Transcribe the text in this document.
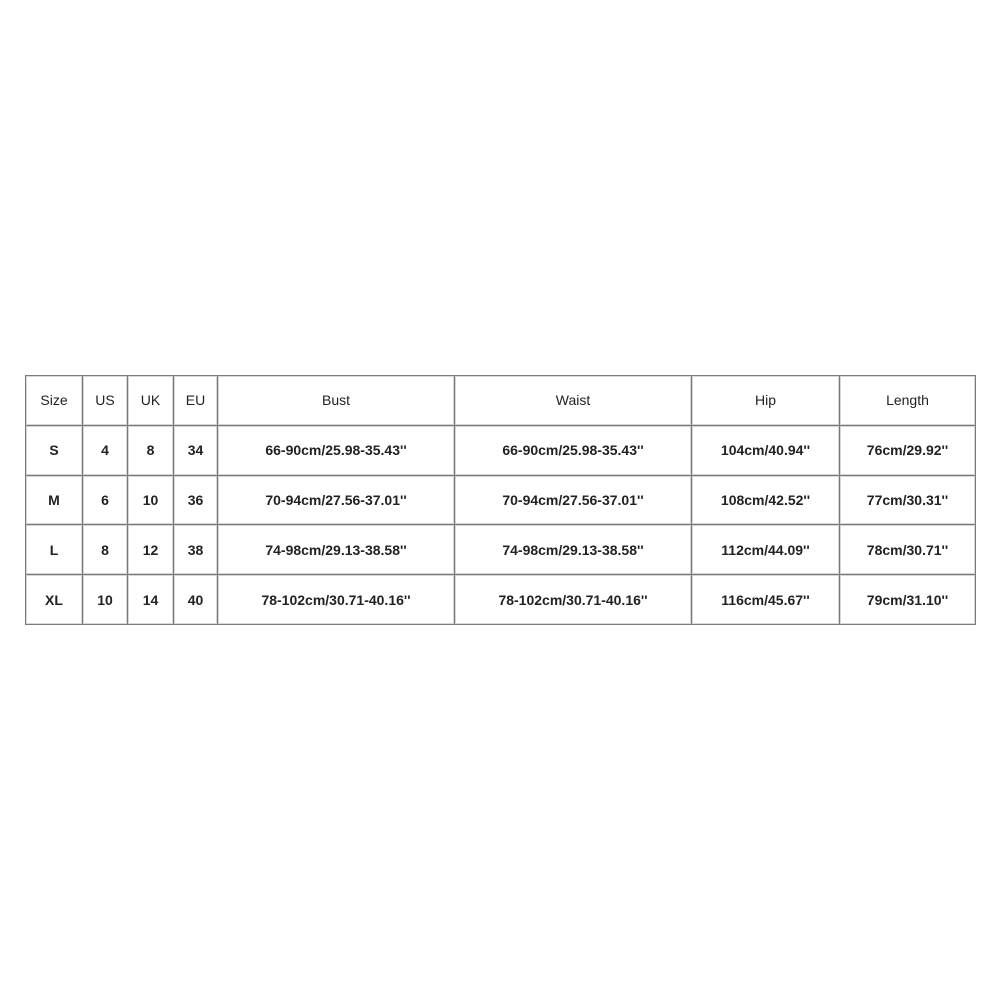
Size	US	UK	EU	Bust	Waist	Hip	Length
S	4	8	34	66-90cm/25.98-35.43''	66-90cm/25.98-35.43''	104cm/40.94''	76cm/29.92''
M	6	10	36	70-94cm/27.56-37.01''	70-94cm/27.56-37.01''	108cm/42.52''	77cm/30.31''
L	8	12	38	74-98cm/29.13-38.58''	74-98cm/29.13-38.58''	112cm/44.09''	78cm/30.71''
XL	10	14	40	78-102cm/30.71-40.16''	78-102cm/30.71-40.16''	116cm/45.67''	79cm/31.10''
